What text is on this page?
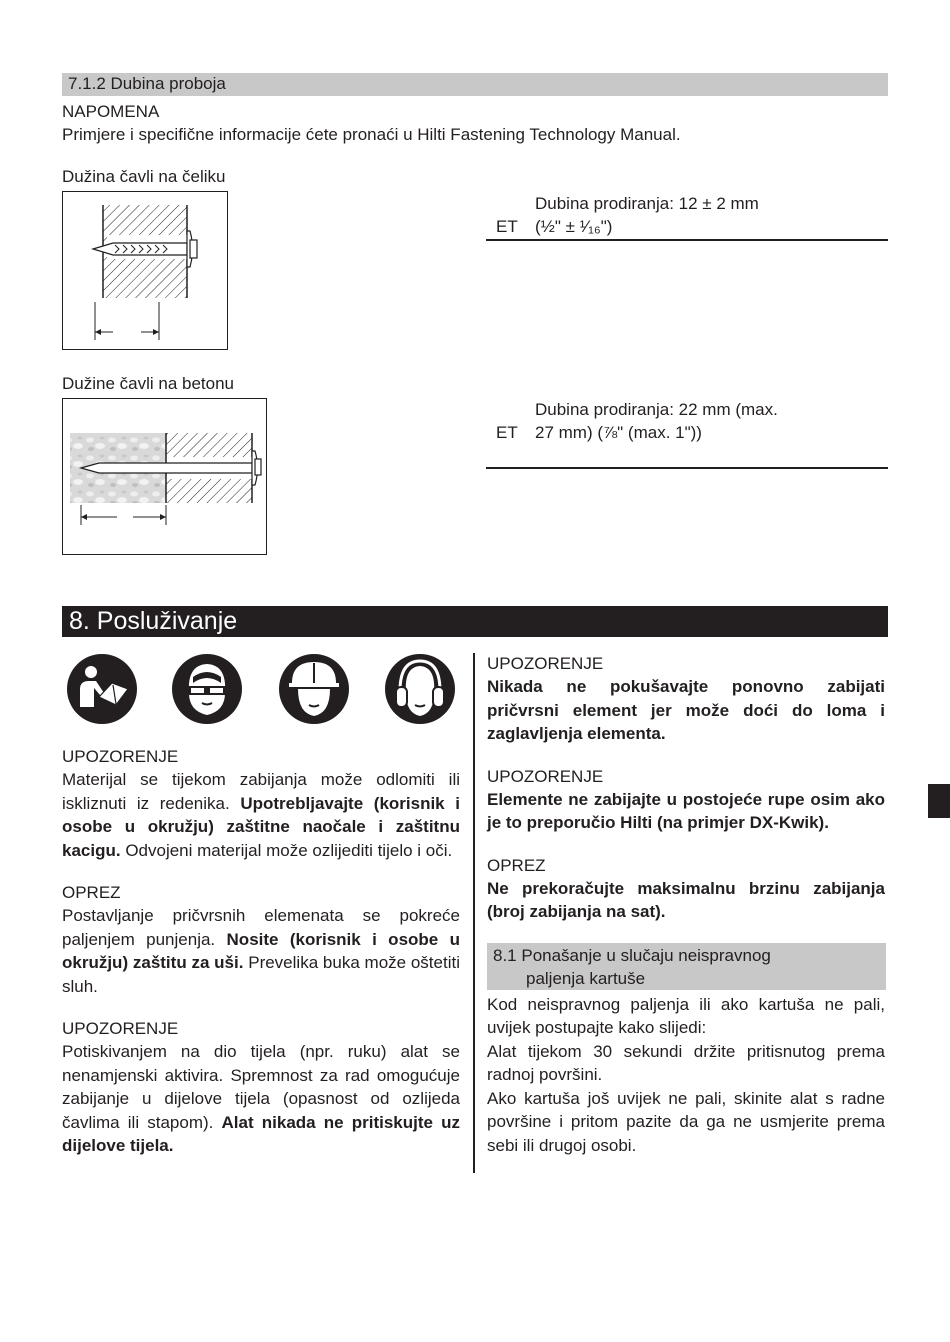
7.1.2 Dubina proboja
NAPOMENA
Primjere i specifične informacije ćete pronaći u Hilti Fastening Technology Manual.
Dužina čavli na čeliku
Dubina prodiranja: 12 ± 2 mm
ET (½" ± ¹⁄₁₆")
Dužine čavli na betonu
Dubina prodiranja: 22 mm (max.
ET 27 mm) (⅞" (max. 1"))
8. Posluživanje

UPOZORENJE

Materijal se tijekom zabijanja može odlomiti ili iskliznuti iz redenika. Upotrebljavajte (korisnik i osobe u okružju) zaštitne naočale i zaštitnu kacigu. Odvojeni materijal može ozlijediti tijelo i oči.

OPREZ

Postavljanje pričvrsnih elemenata se pokreće paljenjem punjenja. Nosite (korisnik i osobe u okružju) zaštitu za uši. Prevelika buka može oštetiti sluh.

UPOZORENJE

Potiskivanjem na dio tijela (npr. ruku) alat se nenamjenski aktivira. Spremnost za rad omogućuje zabijanje u dijelove tijela (opasnost od ozlijeda čavlima ili stapom). Alat nikada ne pritiskujte uz dijelove tijela.

UPOZORENJE

Nikada ne pokušavajte ponovno zabijati pričvrsni element jer može doći do loma i zaglavljenja elementa.

UPOZORENJE

Elemente ne zabijajte u postojeće rupe osim ako je to preporučio Hilti (na primjer DX-Kwik).

OPREZ

Ne prekoračujte maksimalnu brzinu zabijanja (broj zabijanja na sat).

8.1 Ponašanje u slučaju neispravnog
paljenja kartuše

Kod neispravnog paljenja ili ako kartuša ne pali, uvijek postupajte kako slijedi:

Alat tijekom 30 sekundi držite pritisnutog prema radnoj površini.

Ako kartuša još uvijek ne pali, skinite alat s radne površine i pritom pazite da ga ne usmjerite prema sebi ili drugoj osobi.
